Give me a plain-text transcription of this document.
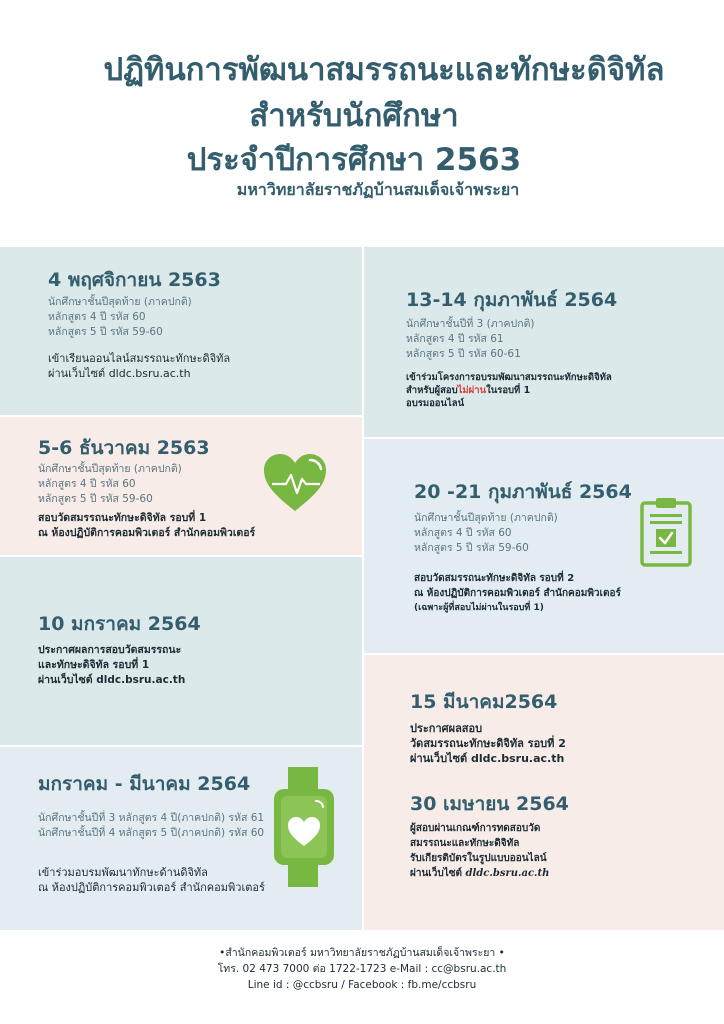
ปฏิทินการพัฒนาสมรรถนะและทักษะดิจิทัล
สำหรับนักศึกษา
ประจำปีการศึกษา 2563
มหาวิทยาลัยราชภัฏบ้านสมเด็จเจ้าพระยา
4 พฤศจิกายน 2563
นักศึกษาชั้นปีสุดท้าย (ภาคปกติ)
หลักสูตร 4 ปี รหัส 60
หลักสูตร 5 ปี รหัส 59-60
เข้าเรียนออนไลน์สมรรถนะทักษะดิจิทัล
ผ่านเว็บไซต์ dldc.bsru.ac.th
5-6 ธันวาคม 2563
นักศึกษาชั้นปีสุดท้าย (ภาคปกติ)
หลักสูตร 4 ปี รหัส 60
หลักสูตร 5 ปี รหัส 59-60
สอบวัดสมรรถนะทักษะดิจิทัล รอบที่ 1
ณ ห้องปฏิบัติการคอมพิวเตอร์ สำนักคอมพิวเตอร์
10 มกราคม 2564
ประกาศผลการสอบวัดสมรรถนะ
และทักษะดิจิทัล รอบที่ 1
ผ่านเว็บไซต์ dldc.bsru.ac.th
มกราคม - มีนาคม 2564
นักศึกษาชั้นปีที่ 3 หลักสูตร 4 ปี(ภาคปกติ) รหัส 61
นักศึกษาชั้นปีที่ 4 หลักสูตร 5 ปี(ภาคปกติ) รหัส 60
เข้าร่วมอบรมพัฒนาทักษะด้านดิจิทัล
ณ ห้องปฏิบัติการคอมพิวเตอร์ สำนักคอมพิวเตอร์
13-14 กุมภาพันธ์ 2564
นักศึกษาชั้นปีที่ 3 (ภาคปกติ)
หลักสูตร 4 ปี รหัส 61
หลักสูตร 5 ปี รหัส 60-61
เข้าร่วมโครงการอบรมพัฒนาสมรรถนะทักษะดิจิทัล
สำหรับผู้สอบไม่ผ่านในรอบที่ 1
อบรมออนไลน์
20 -21 กุมภาพันธ์ 2564
นักศึกษาชั้นปีสุดท้าย (ภาคปกติ)
หลักสูตร 4 ปี รหัส 60
หลักสูตร 5 ปี รหัส 59-60
สอบวัดสมรรถนะทักษะดิจิทัล รอบที่ 2
ณ ห้องปฏิบัติการคอมพิวเตอร์ สำนักคอมพิวเตอร์
(เฉพาะผู้ที่สอบไม่ผ่านในรอบที่ 1)
15 มีนาคม2564
ประกาศผลสอบ
วัดสมรรถนะทักษะดิจิทัล รอบที่ 2
ผ่านเว็บไซต์ dldc.bsru.ac.th
30 เมษายน 2564
ผู้สอบผ่านเกณฑ์การทดสอบวัด
สมรรถนะและทักษะดิจิทัล
รับเกียรติบัตรในรูปแบบออนไลน์
ผ่านเว็บไซต์ dldc.bsru.ac.th
•สำนักคอมพิวเตอร์ มหาวิทยาลัยราชภัฏบ้านสมเด็จเจ้าพระยา •
โทร. 02 473 7000 ต่อ 1722-1723 e-Mail : cc@bsru.ac.th
Line id : @ccbsru / Facebook : fb.me/ccbsru
